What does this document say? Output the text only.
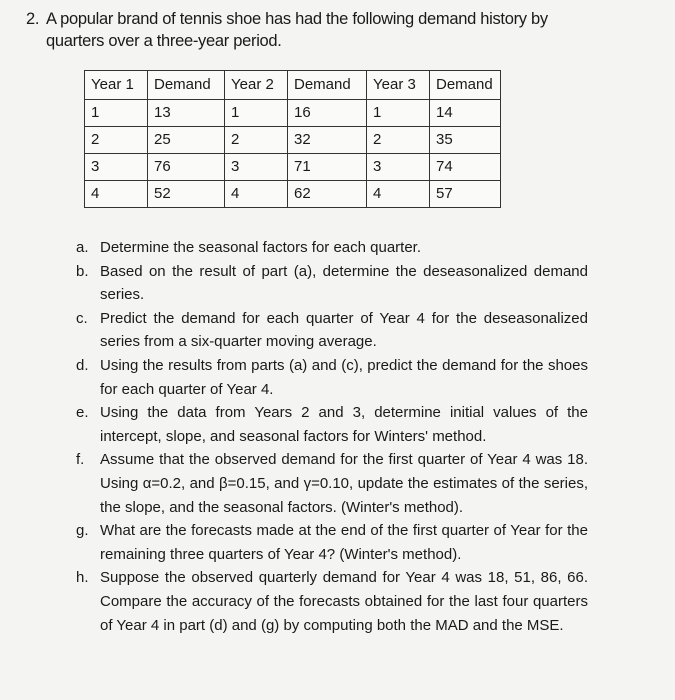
2. A popular brand of tennis shoe has had the following demand history by
quarters over a three-year period.
Year 1	Demand	Year 2	Demand	Year 3	Demand
1	13	1	16	1	14
2	25	2	32	2	35
3	76	3	71	3	74
4	52	4	62	4	57
a. Determine the seasonal factors for each quarter.
b. Based on the result of part (a), determine the deseasonalized demand series.
c. Predict the demand for each quarter of Year 4 for the deseasonalized series from a six-quarter moving average.
d. Using the results from parts (a) and (c), predict the demand for the shoes for each quarter of Year 4.
e. Using the data from Years 2 and 3, determine initial values of the intercept, slope, and seasonal factors for Winters' method.
f. Assume that the observed demand for the first quarter of Year 4 was 18. Using α=0.2, and β=0.15, and γ=0.10, update the estimates of the series, the slope, and the seasonal factors. (Winter's method).
g. What are the forecasts made at the end of the first quarter of Year for the remaining three quarters of Year 4? (Winter's method).
h. Suppose the observed quarterly demand for Year 4 was 18, 51, 86, 66. Compare the accuracy of the forecasts obtained for the last four quarters of Year 4 in part (d) and (g) by computing both the MAD and the MSE.
